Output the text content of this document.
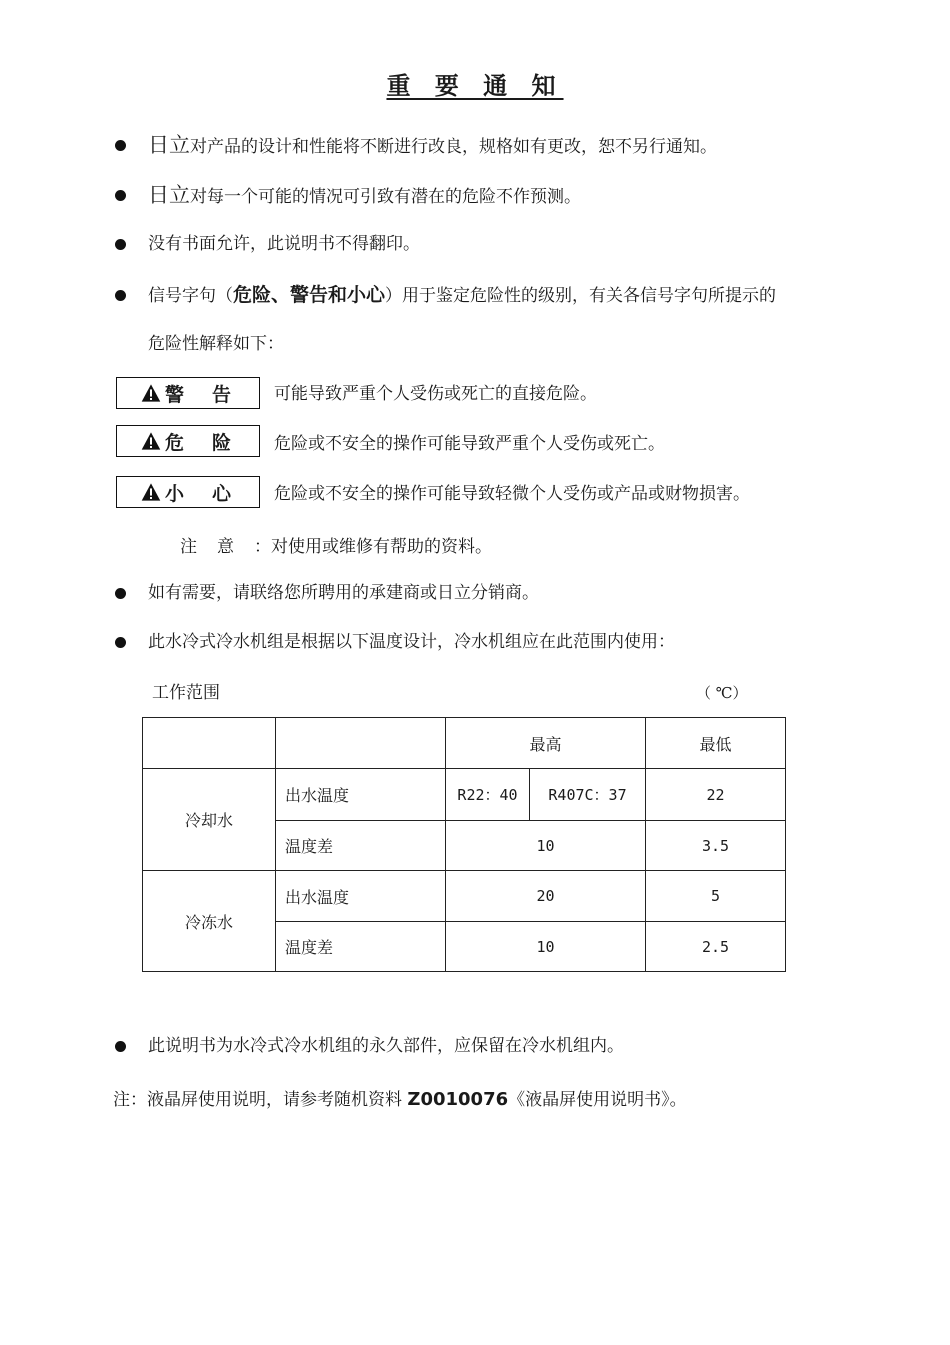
重 要 通 知
日立对产品的设计和性能将不断进行改良，规格如有更改，恕不另行通知。
日立对每一个可能的情况可引致有潜在的危险不作预测。
没有书面允许，此说明书不得翻印。
信号字句（危险、警告和小心）用于鉴定危险性的级别，有关各信号字句所提示的
危险性解释如下：
警告 可能导致严重个人受伤或死亡的直接危险。
危险 危险或不安全的操作可能导致严重个人受伤或死亡。
小心 危险或不安全的操作可能导致轻微个人受伤或产品或财物损害。
注意：对使用或维修有帮助的资料。
如有需要，请联络您所聘用的承建商或日立分销商。
此水冷式冷水机组是根据以下温度设计，冷水机组应在此范围内使用：
工作范围	（ ℃）
		最高		最低
冷却水	出水温度	R22：40	R407C：37	22
	温度差	10		3.5
冷冻水	出水温度	20		5
	温度差	10		2.5
此说明书为水冷式冷水机组的永久部件，应保留在冷水机组内。
注：液晶屏使用说明，请参考随机资料 Z0010076《液晶屏使用说明书》。
